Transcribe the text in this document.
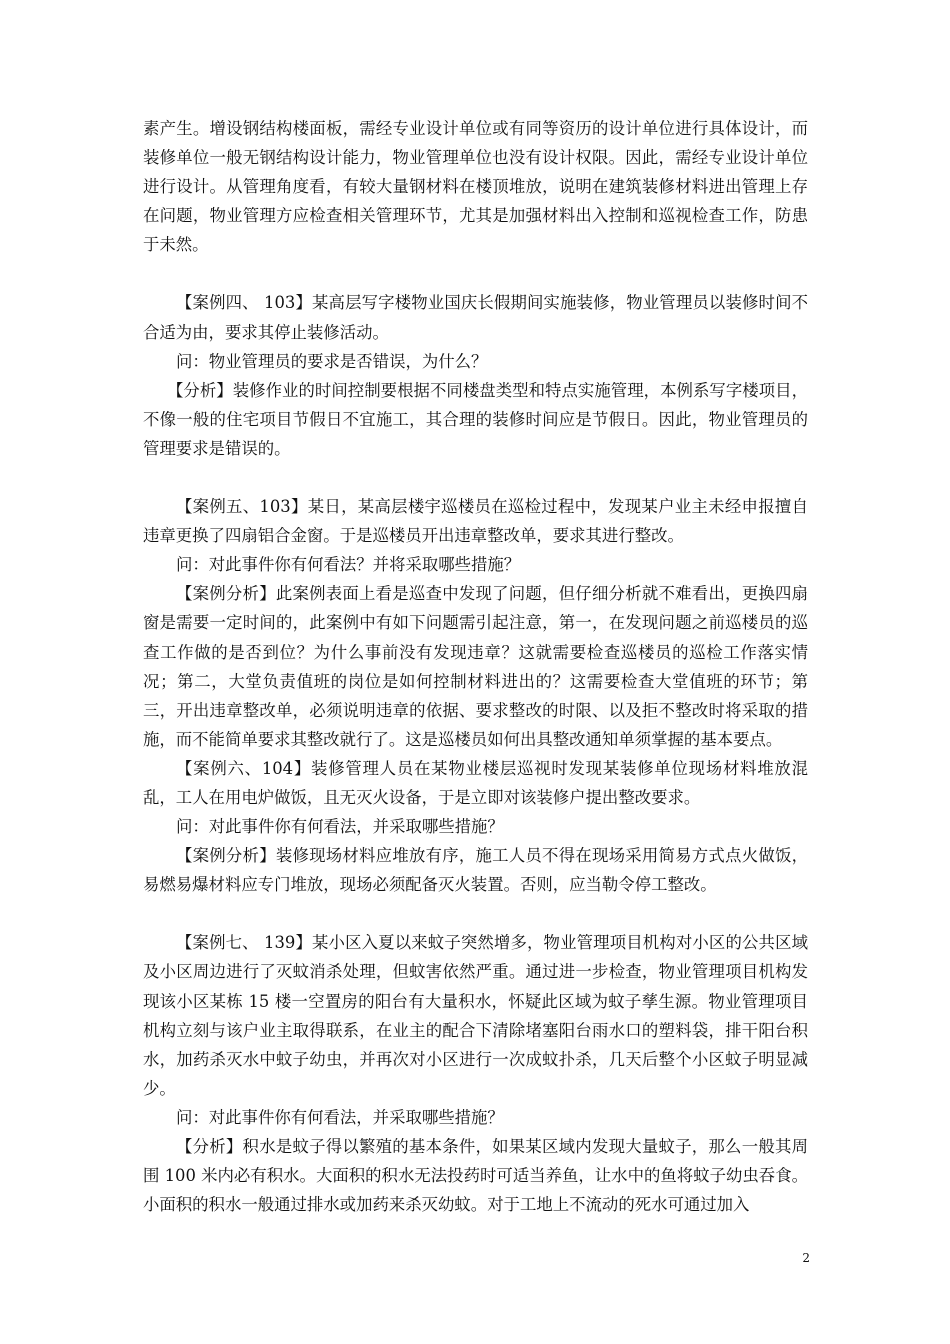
素产生。增设钢结构楼面板，需经专业设计单位或有同等资历的设计单位进行具体设计，而装修单位一般无钢结构设计能力，物业管理单位也没有设计权限。因此，需经专业设计单位进行设计。从管理角度看，有较大量钢材料在楼顶堆放，说明在建筑装修材料进出管理上存在问题，物业管理方应检查相关管理环节，尤其是加强材料出入控制和巡视检查工作，防患于未然。

【案例四、 103】某高层写字楼物业国庆长假期间实施装修，物业管理员以装修时间不合适为由，要求其停止装修活动。

问：物业管理员的要求是否错误，为什么？

【分析】装修作业的时间控制要根据不同楼盘类型和特点实施管理，本例系写字楼项目，不像一般的住宅项目节假日不宜施工，其合理的装修时间应是节假日。因此，物业管理员的管理要求是错误的。

【案例五、103】某日，某高层楼宇巡楼员在巡检过程中，发现某户业主未经申报擅自违章更换了四扇铝合金窗。于是巡楼员开出违章整改单，要求其进行整改。

问：对此事件你有何看法？并将采取哪些措施？

【案例分析】此案例表面上看是巡查中发现了问题，但仔细分析就不难看出，更换四扇窗是需要一定时间的，此案例中有如下问题需引起注意，第一，在发现问题之前巡楼员的巡查工作做的是否到位？为什么事前没有发现违章？这就需要检查巡楼员的巡检工作落实情况；第二，大堂负责值班的岗位是如何控制材料进出的？这需要检查大堂值班的环节；第三，开出违章整改单，必须说明违章的依据、要求整改的时限、以及拒不整改时将采取的措施，而不能简单要求其整改就行了。这是巡楼员如何出具整改通知单须掌握的基本要点。

【案例六、104】装修管理人员在某物业楼层巡视时发现某装修单位现场材料堆放混乱，工人在用电炉做饭，且无灭火设备，于是立即对该装修户提出整改要求。

问：对此事件你有何看法，并采取哪些措施？

【案例分析】装修现场材料应堆放有序，施工人员不得在现场采用简易方式点火做饭，易燃易爆材料应专门堆放，现场必须配备灭火装置。否则，应当勒令停工整改。

【案例七、 139】某小区入夏以来蚊子突然增多，物业管理项目机构对小区的公共区域及小区周边进行了灭蚊消杀处理，但蚊害依然严重。通过进一步检查，物业管理项目机构发现该小区某栋 15 楼一空置房的阳台有大量积水，怀疑此区域为蚊子孳生源。物业管理项目机构立刻与该户业主取得联系，在业主的配合下清除堵塞阳台雨水口的塑料袋，排干阳台积水，加药杀灭水中蚊子幼虫，并再次对小区进行一次成蚊扑杀，几天后整个小区蚊子明显减少。

问：对此事件你有何看法，并采取哪些措施？

【分析】积水是蚊子得以繁殖的基本条件，如果某区域内发现大量蚊子，那么一般其周围 100 米内必有积水。大面积的积水无法投药时可适当养鱼，让水中的鱼将蚊子幼虫吞食。小面积的积水一般通过排水或加药来杀灭幼蚊。对于工地上不流动的死水可通过加入

2
